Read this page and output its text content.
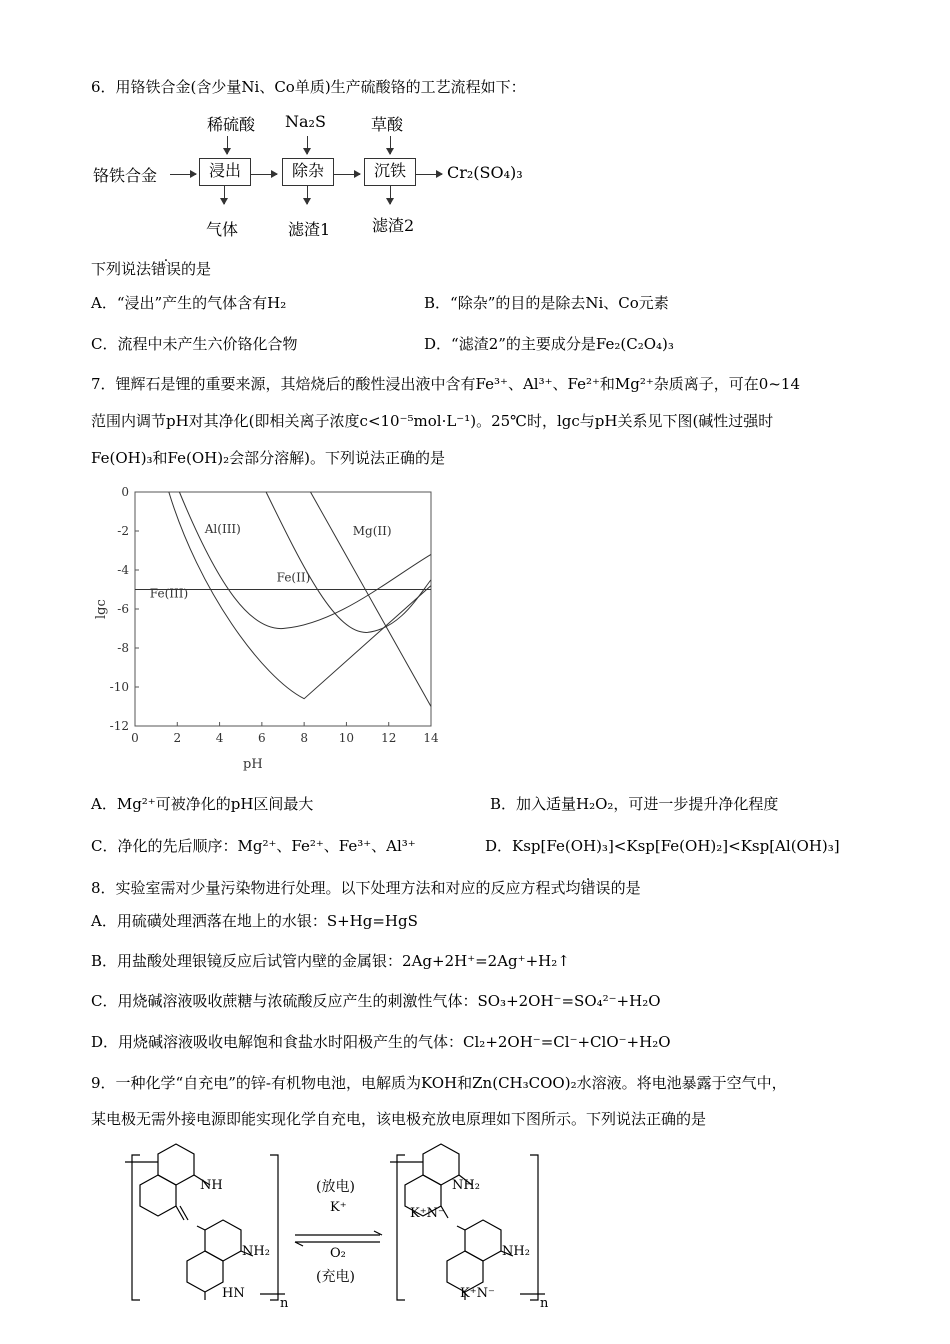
6．用铬铁合金(含少量Ni、Co单质)生产硫酸铬的工艺流程如下：
铬铁合金
稀硫酸
浸出
气体
Na₂S
除杂
滤渣1
草酸
沉铁
滤渣2
Cr₂(SO₄)₃
下列说法错误的是
A．“浸出”产生的气体含有H₂	B．“除杂”的目的是除去Ni、Co元素
C．流程中未产生六价铬化合物	D．“滤渣2”的主要成分是Fe₂(C₂O₄)₃
7．锂辉石是锂的重要来源，其焙烧后的酸性浸出液中含有Fe³⁺、Al³⁺、Fe²⁺和Mg²⁺杂质离子，可在0~14
范围内调节pH对其净化(即相关离子浓度c<10⁻⁵mol·L⁻¹)。25℃时，lgc与pH关系见下图(碱性过强时
Fe(OH)₃和Fe(OH)₂会部分溶解)。下列说法正确的是
0	2	4	6	8	10 12 14
0
-2
-4
-6
-8
-10
-12
pH
lgc
Fe(III)
Al(III)
Fe(II)
Mg(II)
A．Mg²⁺可被净化的pH区间最大	B．加入适量H₂O₂，可进一步提升净化程度
C．净化的先后顺序：Mg²⁺、Fe²⁺、Fe³⁺、Al³⁺	D．Ksp[Fe(OH)₃]<Ksp[Fe(OH)₂]<Ksp[Al(OH)₃]
8．实验室需对少量污染物进行处理。以下处理方法和对应的反应方程式均错误的是
A．用硫磺处理洒落在地上的水银：S+Hg=HgS
B．用盐酸处理银镜反应后试管内壁的金属银：2Ag+2H⁺=2Ag⁺+H₂↑
C．用烧碱溶液吸收蔗糖与浓硫酸反应产生的刺激性气体：SO₃+2OH⁻=SO₄²⁻+H₂O
D．用烧碱溶液吸收电解饱和食盐水时阳极产生的气体：Cl₂+2OH⁻=Cl⁻+ClO⁻+H₂O
9．一种化学“自充电”的锌-有机物电池，电解质为KOH和Zn(CH₃COO)₂水溶液。将电池暴露于空气中，
某电极无需外接电源即能实现化学自充电，该电极充放电原理如下图所示。下列说法正确的是
NH
NH₂
HN
n
(放电)
K⁺
O₂
(充电)
NH₂
K⁺N⁻
NH₂
K⁺N⁻
n
